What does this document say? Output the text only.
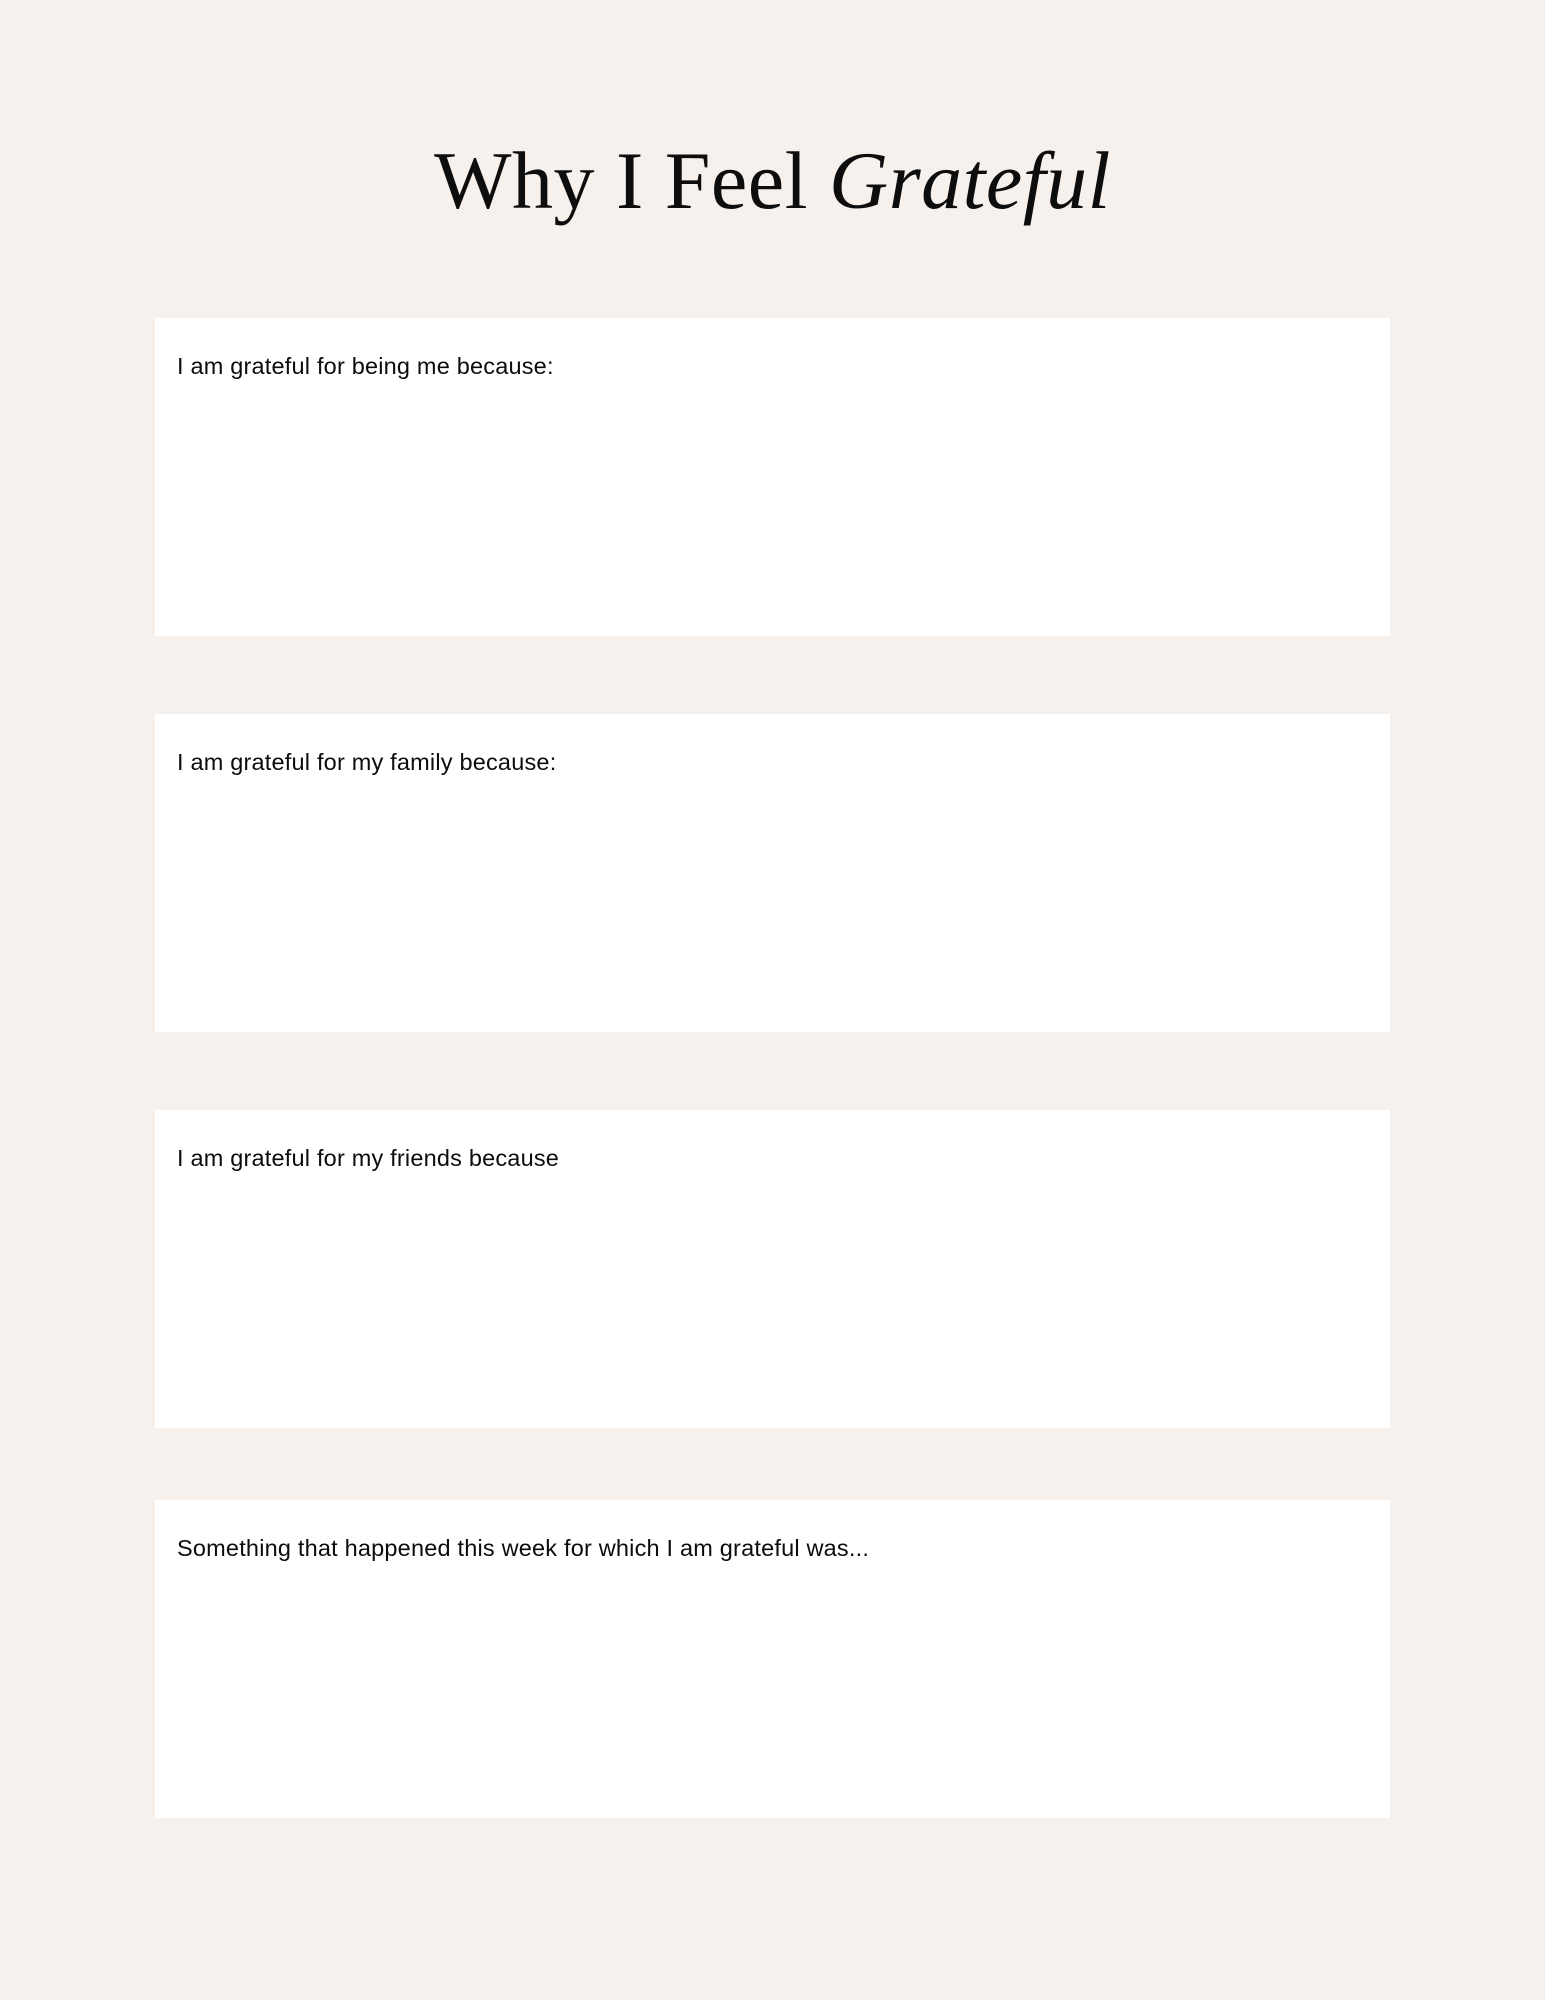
Why I Feel Grateful
I am grateful for being me because:
I am grateful for my family because:
I am grateful for my friends because
Something that happened this week for which I am grateful was...
